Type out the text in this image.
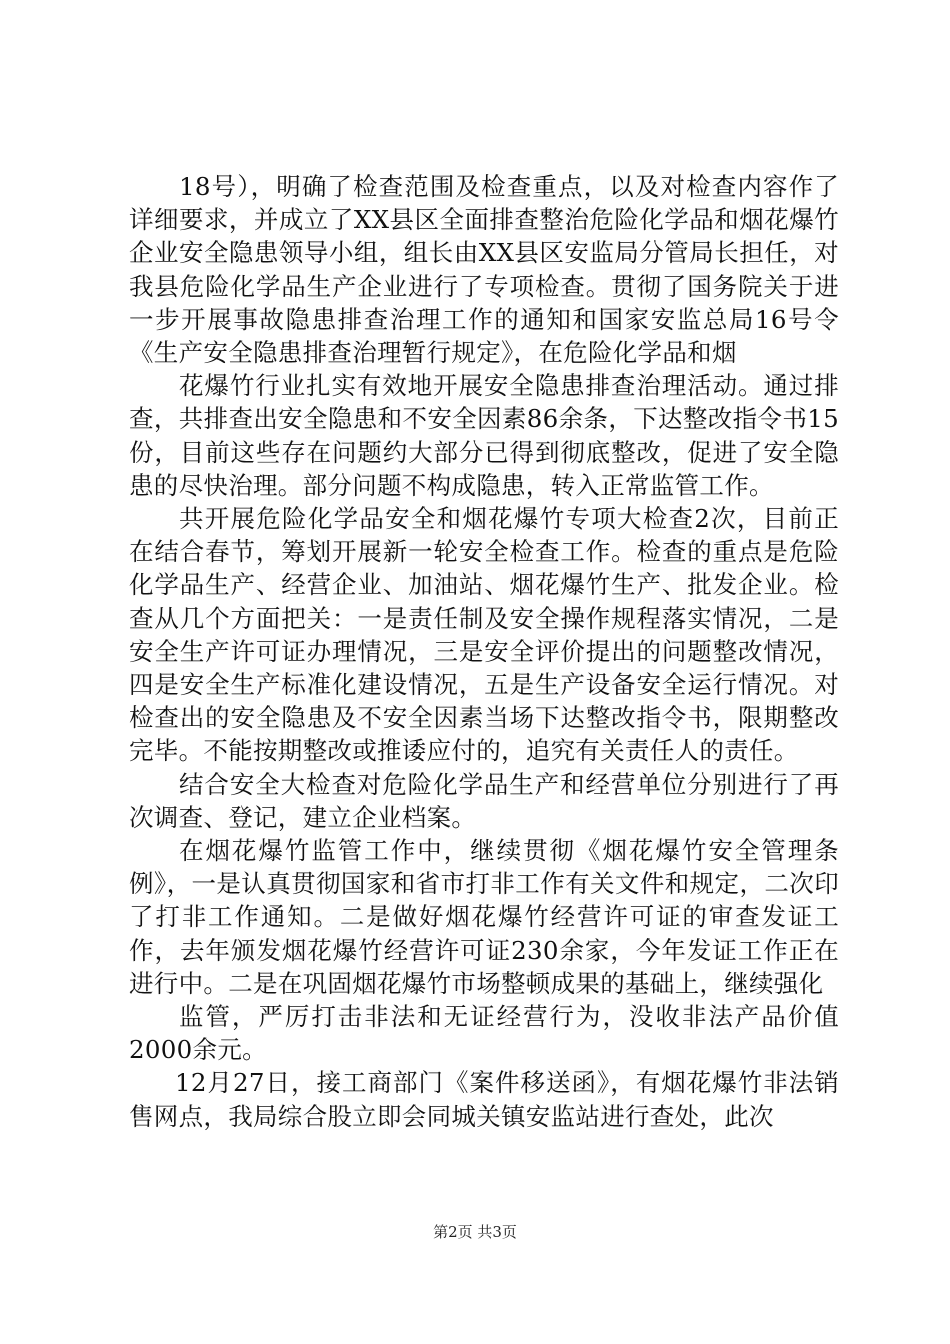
18号），明确了检查范围及检查重点，以及对检查内容作了详细要求，并成立了XX县区全面排查整治危险化学品和烟花爆竹企业安全隐患领导小组，组长由XX县区安监局分管局长担任，对我县危险化学品生产企业进行了专项检查。贯彻了国务院关于进一步开展事故隐患排查治理工作的通知和国家安监总局16号令《生产安全隐患排查治理暂行规定》，在危险化学品和烟

花爆竹行业扎实有效地开展安全隐患排查治理活动。通过排查，共排查出安全隐患和不安全因素86余条，下达整改指令书15份，目前这些存在问题约大部分已得到彻底整改，促进了安全隐患的尽快治理。部分问题不构成隐患，转入正常监管工作。

共开展危险化学品安全和烟花爆竹专项大检查2次，目前正在结合春节，筹划开展新一轮安全检查工作。检查的重点是危险化学品生产、经营企业、加油站、烟花爆竹生产、批发企业。检查从几个方面把关：一是责任制及安全操作规程落实情况，二是安全生产许可证办理情况，三是安全评价提出的问题整改情况，四是安全生产标准化建设情况，五是生产设备安全运行情况。对检查出的安全隐患及不安全因素当场下达整改指令书，限期整改完毕。不能按期整改或推诿应付的，追究有关责任人的责任。

结合安全大检查对危险化学品生产和经营单位分别进行了再次调查、登记，建立企业档案。

在烟花爆竹监管工作中，继续贯彻《烟花爆竹安全管理条例》，一是认真贯彻国家和省市打非工作有关文件和规定，二次印了打非工作通知。二是做好烟花爆竹经营许可证的审查发证工作，去年颁发烟花爆竹经营许可证230余家，今年发证工作正在进行中。二是在巩固烟花爆竹市场整顿成果的基础上，继续强化

监管，严厉打击非法和无证经营行为，没收非法产品价值2000余元。

12月27日，接工商部门《案件移送函》，有烟花爆竹非法销售网点，我局综合股立即会同城关镇安监站进行查处，此次

第2页 共3页
